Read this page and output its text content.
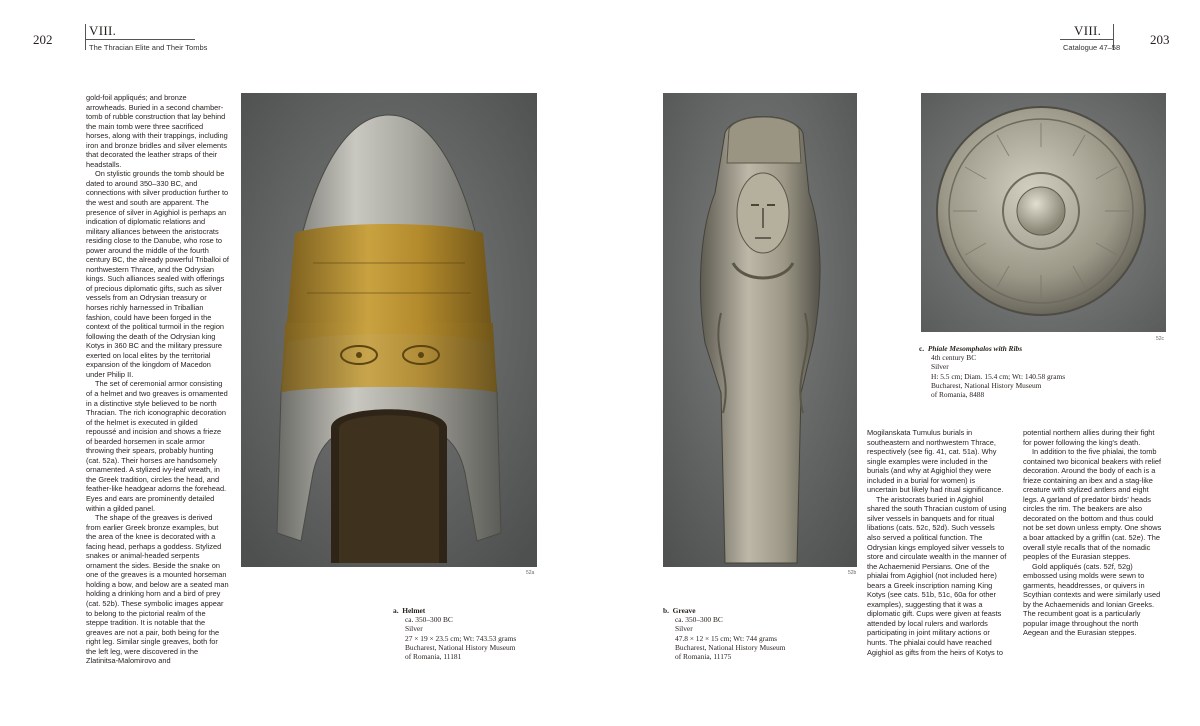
202
VIII.
The Thracian Elite and Their Tombs

gold-foil appliqués; and bronze arrowheads. Buried in a second chamber-tomb of rubble construction that lay behind the main tomb were three sacrificed horses, along with their trappings, including iron and bronze bridles and silver elements that decorated the leather straps of their headstalls.

On stylistic grounds the tomb should be dated to around 350–330 BC, and connections with silver production further to the west and south are apparent. The presence of silver in Agighiol is perhaps an indication of diplomatic relations and military alliances between the aristocrats residing close to the Danube, who rose to power around the middle of the fourth century BC, the already powerful Triballoi of northwestern Thrace, and the Odrysian kings. Such alliances sealed with offerings of precious diplomatic gifts, such as silver vessels from an Odrysian treasury or horses richly harnessed in Triballian fashion, could have been forged in the context of the political turmoil in the region following the death of the Odrysian king Kotys in 360 BC and the military pressure exerted on local elites by the territorial expansion of the kingdom of Macedon under Philip II.

The set of ceremonial armor consisting of a helmet and two greaves is ornamented in a distinctive style believed to be north Thracian. The rich iconographic decoration of the helmet is executed in gilded repoussé and incision and shows a frieze of bearded horsemen in scale armor throwing their spears, probably hunting (cat. 52a). Their horses are handsomely ornamented. A stylized ivy-leaf wreath, in the Greek tradition, circles the head, and feather-like headgear adorns the forehead. Eyes and ears are prominently detailed within a gilded panel.

The shape of the greaves is derived from earlier Greek bronze examples, but the area of the knee is decorated with a facing head, perhaps a goddess. Stylized snakes or animal-headed serpents ornament the sides. Beside the snake on one of the greaves is a mounted horseman holding a bow, and below are a seated man holding a drinking horn and a bird of prey (cat. 52b). These symbolic images appear to belong to the pictorial realm of the steppe tradition. It is notable that the greaves are not a pair, both being for the right leg. Similar single greaves, both for the left leg, were discovered in the Zlatinitsa-Malomirovo and

52a
a. Helmet
ca. 350–300 BC
Silver
27 × 19 × 23.5 cm; Wt: 743.53 grams
Bucharest, National History Museum
of Romania, 11181
VIII.
Catalogue 47–58
203
52b
b. Greave
ca. 350–300 BC
Silver
47.8 × 12 × 15 cm; Wt: 744 grams
Bucharest, National History Museum
of Romania, 11175
52c
c. Phiale Mesomphalos with Ribs
4th century BC
Silver
H: 5.5 cm; Diam. 15.4 cm; Wt: 140.58 grams
Bucharest, National History Museum
of Romania, 8488

Mogilanskata Tumulus burials in southeastern and northwestern Thrace, respectively (see fig. 41, cat. 51a). Why single examples were included in the burials (and why at Agighiol they were included in a burial for women) is uncertain but likely had ritual significance.

The aristocrats buried in Agighiol shared the south Thracian custom of using silver vessels in banquets and for ritual libations (cats. 52c, 52d). Such vessels also served a political function. The Odrysian kings employed silver vessels to store and circulate wealth in the manner of the Achaemenid Persians. One of the phialai from Agighiol (not included here) bears a Greek inscription naming King Kotys (see cats. 51b, 51c, 60a for other examples), suggesting that it was a diplomatic gift. Cups were given at feasts attended by local rulers and warlords participating in joint military actions or hunts. The phialai could have reached Agighiol as gifts from the heirs of Kotys to

potential northern allies during their fight for power following the king's death.

In addition to the five phialai, the tomb contained two biconical beakers with relief decoration. Around the body of each is a frieze containing an ibex and a stag-like creature with stylized antlers and eight legs. A garland of predator birds' heads circles the rim. The beakers are also decorated on the bottom and thus could not be set down unless empty. One shows a boar attacked by a griffin (cat. 52e). The overall style recalls that of the nomadic peoples of the Eurasian steppes.

Gold appliqués (cats. 52f, 52g) embossed using molds were sewn to garments, headdresses, or quivers in Scythian contexts and were similarly used by the Achaemenids and Ionian Greeks. The recumbent goat is a particularly popular image throughout the north Aegean and the Eurasian steppes.
